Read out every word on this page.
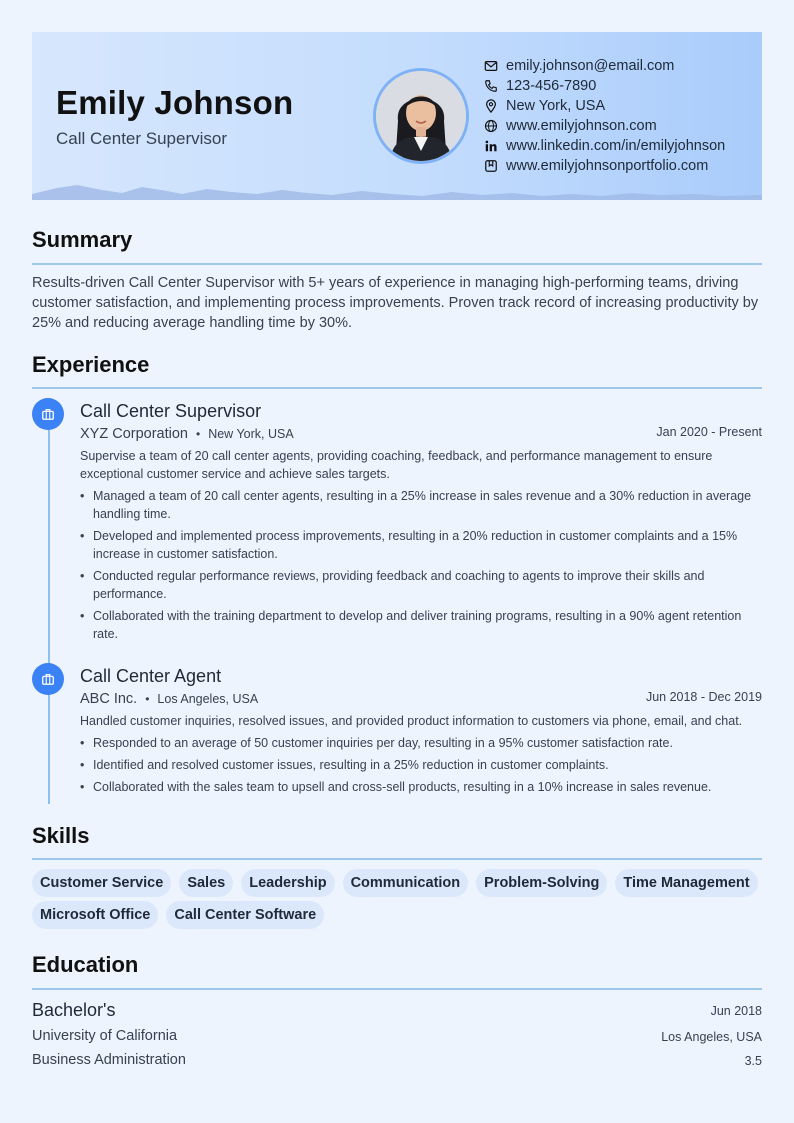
Emily Johnson
Call Center Supervisor
emily.johnson@email.com
123-456-7890
New York, USA
www.emilyjohnson.com
www.linkedin.com/in/emilyjohnson
www.emilyjohnsonportfolio.com
Summary
Results-driven Call Center Supervisor with 5+ years of experience in managing high-performing teams, driving customer satisfaction, and implementing process improvements. Proven track record of increasing productivity by 25% and reducing average handling time by 30%.
Experience
Call Center Supervisor
XYZ Corporation • New York, USA	Jan 2020 - Present
Supervise a team of 20 call center agents, providing coaching, feedback, and performance management to ensure exceptional customer service and achieve sales targets.
• Managed a team of 20 call center agents, resulting in a 25% increase in sales revenue and a 30% reduction in average handling time.
• Developed and implemented process improvements, resulting in a 20% reduction in customer complaints and a 15% increase in customer satisfaction.
• Conducted regular performance reviews, providing feedback and coaching to agents to improve their skills and performance.
• Collaborated with the training department to develop and deliver training programs, resulting in a 90% agent retention rate.
Call Center Agent
ABC Inc. • Los Angeles, USA	Jun 2018 - Dec 2019
Handled customer inquiries, resolved issues, and provided product information to customers via phone, email, and chat.
• Responded to an average of 50 customer inquiries per day, resulting in a 95% customer satisfaction rate.
• Identified and resolved customer issues, resulting in a 25% reduction in customer complaints.
• Collaborated with the sales team to upsell and cross-sell products, resulting in a 10% increase in sales revenue.
Skills
Customer Service	Sales	Leadership	Communication	Problem-Solving	Time Management
Microsoft Office	Call Center Software
Education
Bachelor's	Jun 2018
University of California	Los Angeles, USA
Business Administration	3.5
